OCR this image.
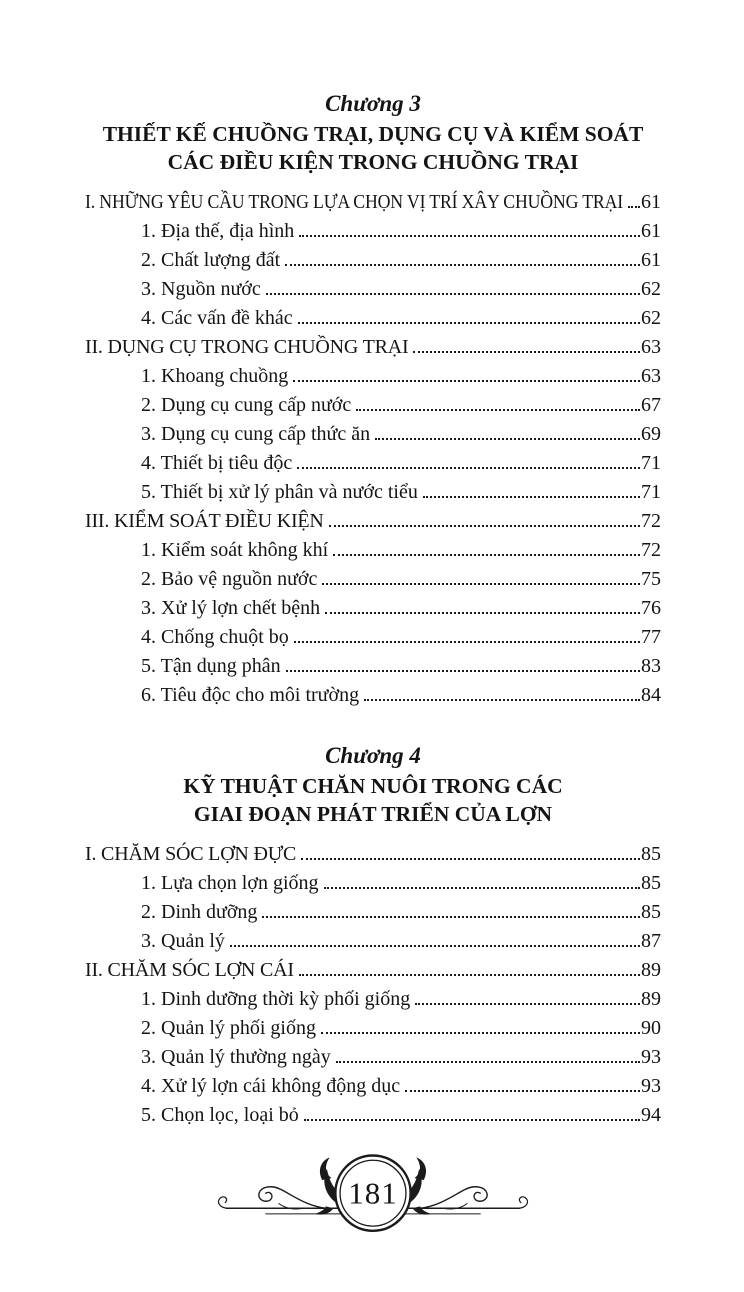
Chương 3
THIẾT KẾ CHUỒNG TRẠI, DỤNG CỤ VÀ KIỂM SOÁT
CÁC ĐIỀU KIỆN TRONG CHUỒNG TRẠI
I. NHỮNG YÊU CẦU TRONG LỰA CHỌN VỊ TRÍ XÂY CHUỒNG TRẠI 61
1. Địa thế, địa hình	61
2. Chất lượng đất	61
3. Nguồn nước	62
4. Các vấn đề khác	62
II. DỤNG CỤ TRONG CHUỒNG TRẠI	63
1. Khoang chuồng	63
2. Dụng cụ cung cấp nước	67
3. Dụng cụ cung cấp thức ăn	69
4. Thiết bị tiêu độc	71
5. Thiết bị xử lý phân và nước tiểu	71
III. KIỂM SOÁT ĐIỀU KIỆN	72
1. Kiểm soát không khí	72
2. Bảo vệ nguồn nước	75
3. Xử lý lợn chết bệnh	76
4. Chống chuột bọ	77
5. Tận dụng phân	83
6. Tiêu độc cho môi trường	84
Chương 4
KỸ THUẬT CHĂN NUÔI TRONG CÁC
GIAI ĐOẠN PHÁT TRIỂN CỦA LỢN
I. CHĂM SÓC LỢN ĐỰC	85
1. Lựa chọn lợn giống	85
2. Dinh dưỡng	85
3. Quản lý	87
II. CHĂM SÓC LỢN CÁI	89
1. Dinh dưỡng thời kỳ phối giống	89
2. Quản lý phối giống	90
3. Quản lý thường ngày	93
4. Xử lý lợn cái không động dục	93
5. Chọn lọc, loại bỏ	94
181
